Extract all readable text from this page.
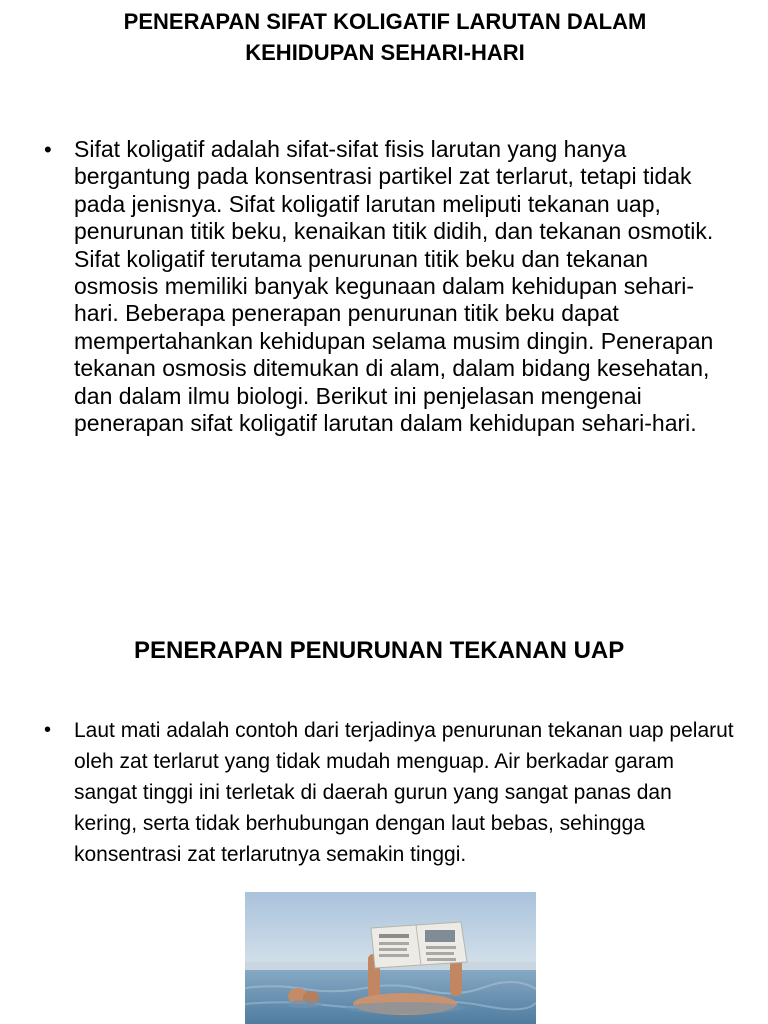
PENERAPAN SIFAT KOLIGATIF LARUTAN DALAM KEHIDUPAN SEHARI-HARI
• Sifat koligatif adalah sifat-sifat fisis larutan yang hanya bergantung pada konsentrasi partikel zat terlarut, tetapi tidak pada jenisnya. Sifat koligatif larutan meliputi tekanan uap, penurunan titik beku, kenaikan titik didih, dan tekanan osmotik. Sifat koligatif terutama penurunan titik beku dan tekanan osmosis memiliki banyak kegunaan dalam kehidupan sehari-hari. Beberapa penerapan penurunan titik beku dapat mempertahankan kehidupan selama musim dingin. Penerapan tekanan osmosis ditemukan di alam, dalam bidang kesehatan, dan dalam ilmu biologi. Berikut ini penjelasan mengenai penerapan sifat koligatif larutan dalam kehidupan sehari-hari.

PENERAPAN PENURUNAN TEKANAN UAP
•	Laut mati adalah contoh dari terjadinya penurunan tekanan uap pelarut oleh zat terlarut yang tidak mudah menguap. Air berkadar garam sangat tinggi ini terletak di daerah gurun yang sangat panas dan kering, serta tidak berhubungan dengan laut bebas, sehingga konsentrasi zat terlarutnya semakin tinggi.
